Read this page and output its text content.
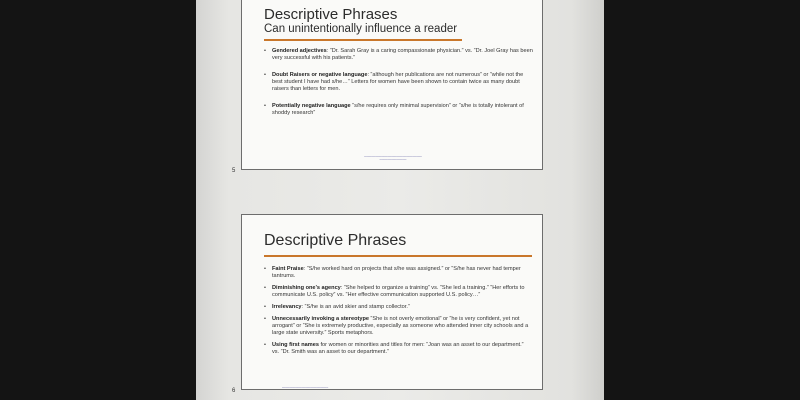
Descriptive Phrases
Can unintentionally influence a reader
• Gendered adjectives: “Dr. Sarah Gray is a caring compassionate physician.” vs. “Dr. Joel Gray has been very successful with his patients.”
• Doubt Raisers or negative language: “although her publications are not numerous” or “while not the best student I have had s/he…” Letters for women have been shown to contain twice as many doubt raisers than letters for men.
• Potentially negative language “s/he requires only minimal supervision” or “s/he is totally intolerant of shoddy research”
▁▁▁▁▁▁▁▁▁▁▁▁▁▁▁▁▁▁▁▁▁▁▁▁▁▁▁▁▁▁
▁▁▁▁▁▁▁▁▁▁▁▁▁▁
5
Descriptive Phrases
• Faint Praise: “S/he worked hard on projects that s/he was assigned.” or “S/he has never had temper tantrums.
• Diminishing one’s agency: “She helped to organize a training” vs. “She led a training.” “Her efforts to communicate U.S. policy” vs. “Her effective communication supported U.S. policy…”
• Irrelevancy: “S/he is an avid skier and stamp collector.”
• Unnecessarily invoking a stereotype “She is not overly emotional” or “he is very confident, yet not arrogant” or “She is extremely productive, especially as someone who attended inner city schools and a large state university.” Sports metaphors.
• Using first names for women or minorities and titles for men: “Joan was an asset to our department.” vs. “Dr. Smith was an asset to our department.”
▁▁▁▁▁▁▁▁▁▁▁▁▁▁▁▁▁▁▁▁▁▁▁▁
6
